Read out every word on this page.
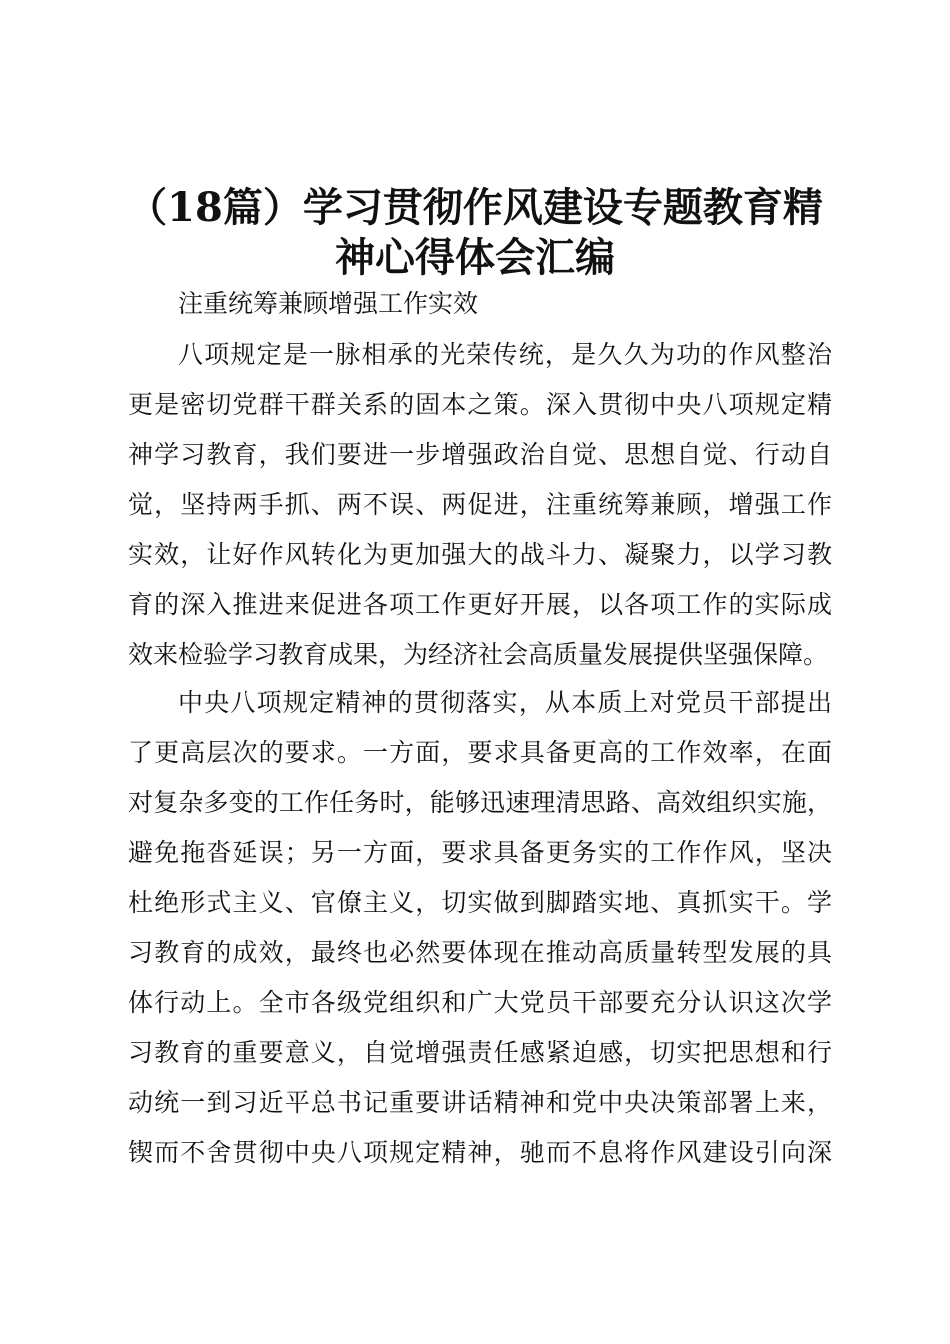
（18篇）学习贯彻作风建设专题教育精
神心得体会汇编

注重统筹兼顾增强工作实效

八项规定是一脉相承的光荣传统，是久久为功的作风整治
更是密切党群干群关系的固本之策。深入贯彻中央八项规定精
神学习教育，我们要进一步增强政治自觉、思想自觉、行动自
觉，坚持两手抓、两不误、两促进，注重统筹兼顾，增强工作
实效，让好作风转化为更加强大的战斗力、凝聚力，以学习教
育的深入推进来促进各项工作更好开展，以各项工作的实际成
效来检验学习教育成果，为经济社会高质量发展提供坚强保障。
中央八项规定精神的贯彻落实，从本质上对党员干部提出
了更高层次的要求。一方面，要求具备更高的工作效率，在面
对复杂多变的工作任务时，能够迅速理清思路、高效组织实施，
避免拖沓延误；另一方面，要求具备更务实的工作作风，坚决
杜绝形式主义、官僚主义，切实做到脚踏实地、真抓实干。学
习教育的成效，最终也必然要体现在推动高质量转型发展的具
体行动上。全市各级党组织和广大党员干部要充分认识这次学
习教育的重要意义，自觉增强责任感紧迫感，切实把思想和行
动统一到习近平总书记重要讲话精神和党中央决策部署上来，
锲而不舍贯彻中央八项规定精神，驰而不息将作风建设引向深
